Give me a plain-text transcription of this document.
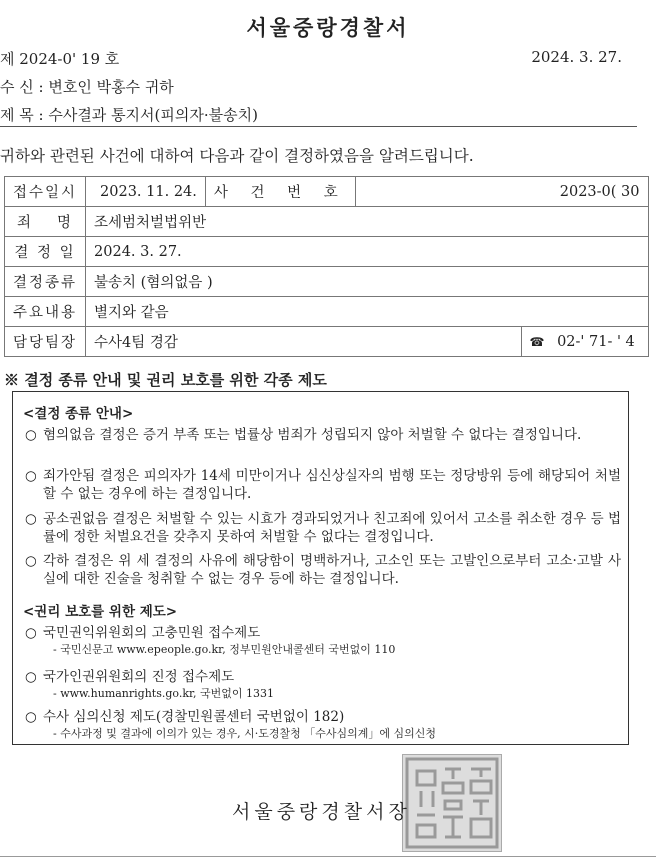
서울중랑경찰서
제 2024-0' 19 호	2024. 3. 27.
수 신 : 변호인 박홍수 귀하
제 목 : 수사결과 통지서(피의자·불송치)
귀하와 관련된 사건에 대하여 다음과 같이 결정하였음을 알려드립니다.
접수일시	2023. 11. 24.	사 건 번 호	2023-0( 30	

죄 명	조세범처벌법위반			
결 정 일	2024. 3. 27.			
결정종류	불송치 (혐의없음 )			
주요내용	별지와 같음			
담당팀장	수사4팀 경감			☎ 02-' 71- ' 4
※ 결정 종류 안내 및 권리 보호를 위한 각종 제도
<결정 종류 안내>
○ 혐의없음 결정은 증거 부족 또는 법률상 범죄가 성립되지 않아 처벌할 수 없다는 결정입니다.
○ 죄가안됨 결정은 피의자가 14세 미만이거나 심신상실자의 범행 또는 정당방위 등에 해당되어 처벌할 수 없는 경우에 하는 결정입니다.
○ 공소권없음 결정은 처벌할 수 있는 시효가 경과되었거나 친고죄에 있어서 고소를 취소한 경우 등 법률에 정한 처벌요건을 갖추지 못하여 처벌할 수 없다는 결정입니다.
○ 각하 결정은 위 세 결정의 사유에 해당함이 명백하거나, 고소인 또는 고발인으로부터 고소·고발 사실에 대한 진술을 청취할 수 없는 경우 등에 하는 결정입니다.
<권리 보호를 위한 제도>
○ 국민권익위원회의 고충민원 접수제도
- 국민신문고 www.epeople.go.kr, 정부민원안내콜센터 국번없이 110
○ 국가인권위원회의 진정 접수제도
- www.humanrights.go.kr, 국번없이 1331
○ 수사 심의신청 제도(경찰민원콜센터 국번없이 182)
- 수사과정 및 결과에 이의가 있는 경우, 시·도경찰청 「수사심의계」에 심의신청
서울중랑경찰서장
